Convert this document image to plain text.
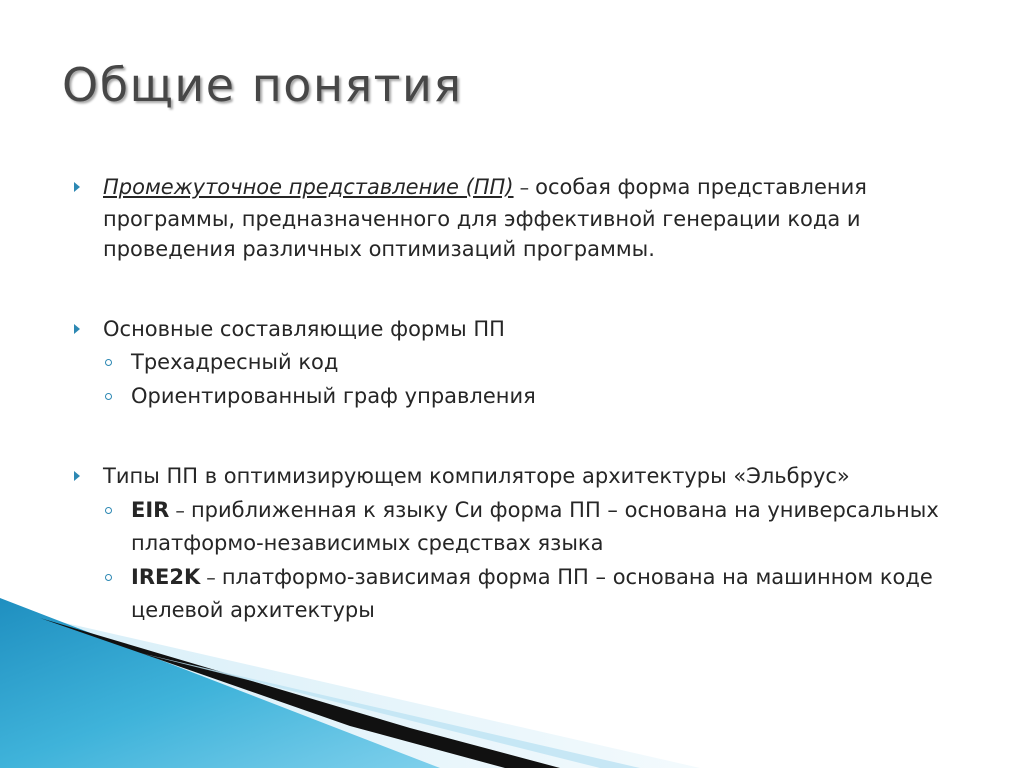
Общие понятия
Промежуточное представление (ПП) – особая форма представления программы, предназначенного для эффективной генерации кода и проведения различных оптимизаций программы.
Основные составляющие формы ПП
Трехадресный код
Ориентированный граф управления
Типы ПП в оптимизирующем компиляторе архитектуры «Эльбрус»
EIR – приближенная к языку Си форма ПП – основана на универсальных платформо-независимых средствах языка
IRE2K – платформо-зависимая форма ПП – основана на машинном коде целевой архитектуры
